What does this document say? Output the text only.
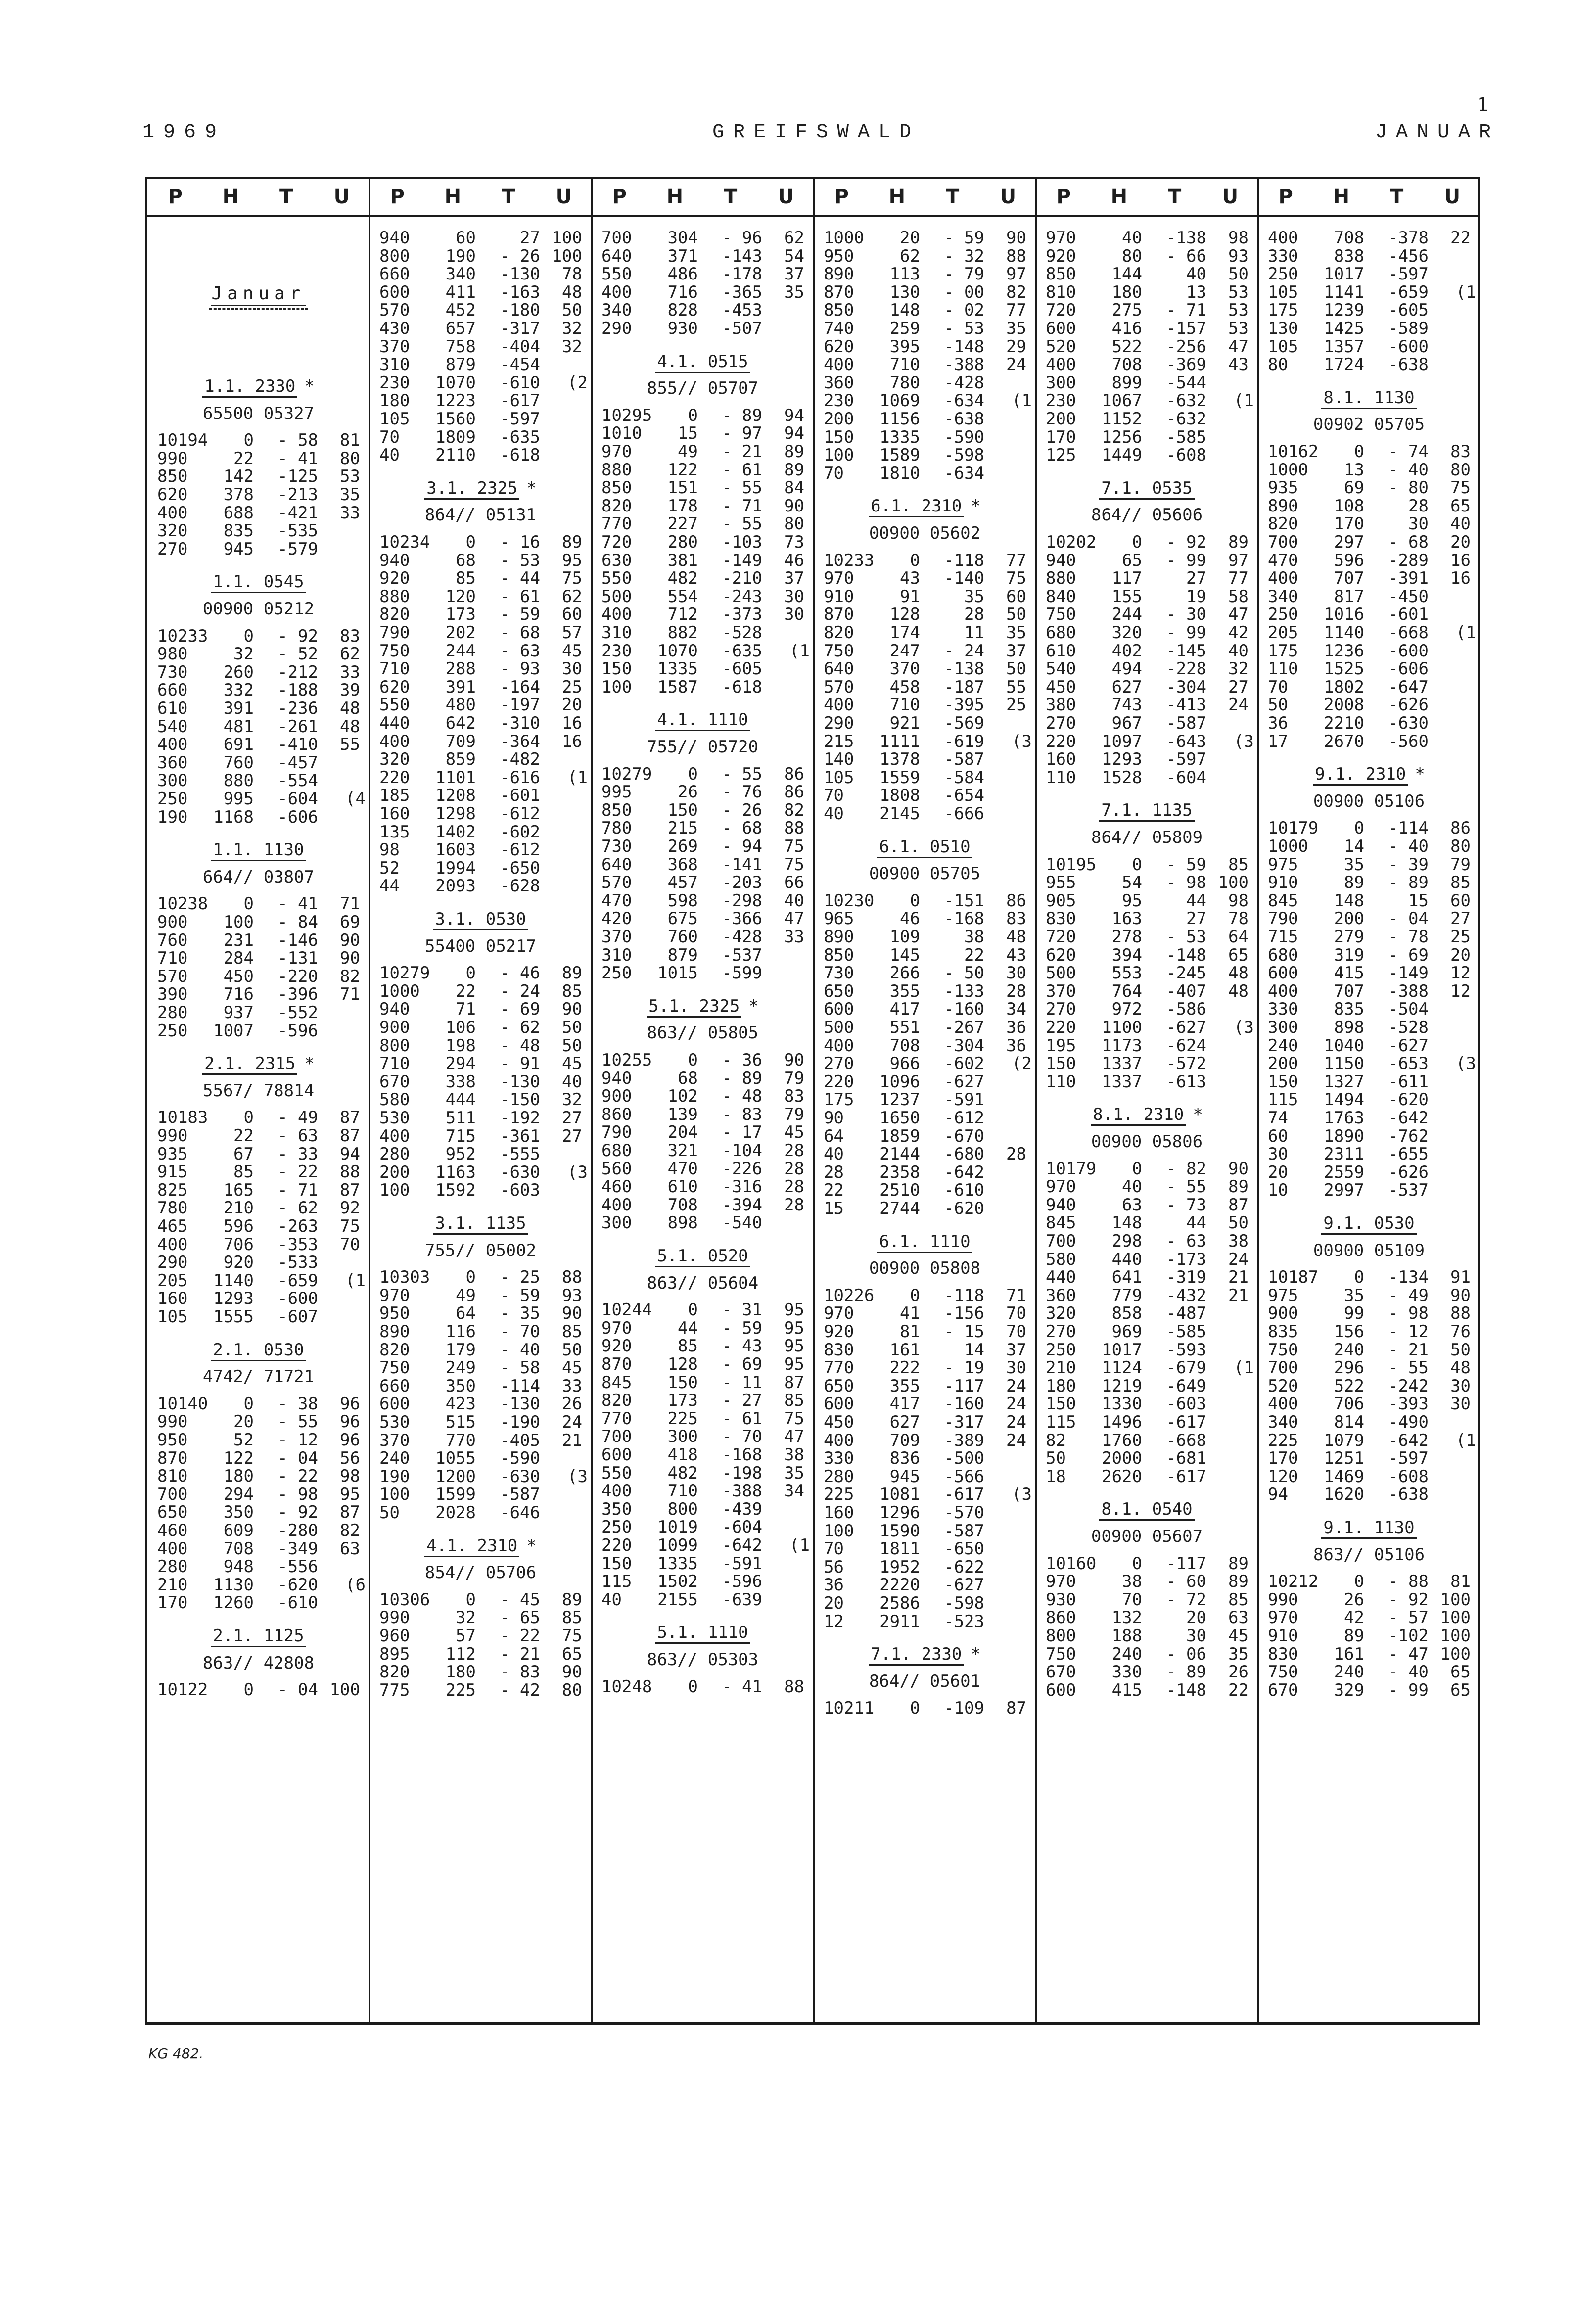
1
1969	GREIFSWALD	JANUAR
P	H	T	U	P	H	T	U	P	H	T	U	P	H	T	U	P	H	T	U	P	H	T	U
Januar
1.1. 2330 *
65500 05327
10194	0	- 58	81
990	22	- 41	80
850	142	-125	53
620	378	-213	35
400	688	-421	33
320	835	-535
270	945	-579
1.1. 0545
00900 05212
10233	0	- 92	83
980	32	- 52	62
730	260	-212	33
660	332	-188	39
610	391	-236	48
540	481	-261	48
400	691	-410	55
360	760	-457
300	880	-554
250	995	-604 (4
190	1168	-606
1.1. 1130
664// 03807
10238	0	- 41	71
900	100	- 84	69
760	231	-146	90
710	284	-131	90
570	450	-220	82
390	716	-396	71
280	937	-552
250	1007	-596
2.1. 2315 *
5567/ 78814
10183	0	- 49	87
990	22	- 63	87
935	67	- 33	94
915	85	- 22	88
825	165	- 71	87
780	210	- 62	92
465	596	-263	75
400	706	-353	70
290	920	-533
205	1140	-659 (1
160	1293	-600
105	1555	-607
2.1. 0530
4742/ 71721
10140	0	- 38	96
990	20	- 55	96
950	52	- 12	96
870	122	- 04	56
810	180	- 22	98
700	294	- 98	95
650	350	- 92	87
460	609	-280	82
400	708	-349	63
280	948	-556
210	1130	-620 (6
170	1260	-610
2.1. 1125
863// 42808
10122	0	- 04 100
940	60	27 100
800	190	- 26 100
660	340	-130	78
600	411	-163	48
570	452	-180	50
430	657	-317	32
370	758	-404	32
310	879	-454
230	1070	-610 (2
180	1223	-617
105	1560	-597
70	1809	-635
40	2110	-618
3.1. 2325 *
864// 05131
10234	0	- 16	89
940	68	- 53	95
920	85	- 44	75
880	120	- 61	62
820	173	- 59	60
790	202	- 68	57
750	244	- 63	45
710	288	- 93	30
620	391	-164	25
550	480	-197	20
440	642	-310	16
400	709	-364	16
320	859	-482
220	1101	-616 (1
185	1208	-601
160	1298	-612
135	1402	-602
98	1603	-612
52	1994	-650
44	2093	-628
3.1. 0530
55400 05217
10279	0	- 46	89
1000	22	- 24	85
940	71	- 69	90
900	106	- 62	50
800	198	- 48	50
710	294	- 91	45
670	338	-130	40
580	444	-150	32
530	511	-192	27
400	715	-361	27
280	952	-555
200	1163	-630 (3
100	1592	-603
3.1. 1135
755// 05002
10303	0	- 25	88
970	49	- 59	93
950	64	- 35	90
890	116	- 70	85
820	179	- 40	50
750	249	- 58	45
660	350	-114	33
600	423	-130	26
530	515	-190	24
370	770	-405	21
240	1055	-590
190	1200	-630 (3
100	1599	-587
50	2028	-646
4.1. 2310 *
854// 05706
10306	0	- 45	89
990	32	- 65	85
960	57	- 22	75
895	112	- 21	65
820	180	- 83	90
775	225	- 42	80
700	304	- 96	62
640	371	-143	54
550	486	-178	37
400	716	-365	35
340	828	-453
290	930	-507
4.1. 0515
855// 05707
10295	0	- 89	94
1010	15	- 97	94
970	49	- 21	89
880	122	- 61	89
850	151	- 55	84
820	178	- 71	90
770	227	- 55	80
720	280	-103	73
630	381	-149	46
550	482	-210	37
500	554	-243	30
400	712	-373	30
310	882	-528
230	1070	-635 (1
150	1335	-605
100	1587	-618
4.1. 1110
755// 05720
10279	0	- 55	86
995	26	- 76	86
850	150	- 26	82
780	215	- 68	88
730	269	- 94	75
640	368	-141	75
570	457	-203	66
470	598	-298	40
420	675	-366	47
370	760	-428	33
310	879	-537
250	1015	-599
5.1. 2325 *
863// 05805
10255	0	- 36	90
940	68	- 89	79
900	102	- 48	83
860	139	- 83	79
790	204	- 17	45
680	321	-104	28
560	470	-226	28
460	610	-316	28
400	708	-394	28
300	898	-540
5.1. 0520
863// 05604
10244	0	- 31	95
970	44	- 59	95
920	85	- 43	95
870	128	- 69	95
845	150	- 11	87
820	173	- 27	85
770	225	- 61	75
700	300	- 70	47
600	418	-168	38
550	482	-198	35
400	710	-388	34
350	800	-439
250	1019	-604
220	1099	-642 (1
150	1335	-591
115	1502	-596
40	2155	-639
5.1. 1110
863// 05303
10248	0	- 41	88
1000	20	- 59	90
950	62	- 32	88
890	113	- 79	97
870	130	- 00	82
850	148	- 02	77
740	259	- 53	35
620	395	-148	29
400	710	-388	24
360	780	-428
230	1069	-634 (1
200	1156	-638
150	1335	-590
100	1589	-598
70	1810	-634
6.1. 2310 *
00900 05602
10233	0	-118	77
970	43	-140	75
910	91	35	60
870	128	28	50
820	174	11	35
750	247	- 24	37
640	370	-138	50
570	458	-187	55
400	710	-395	25
290	921	-569
215	1111	-619 (3
140	1378	-587
105	1559	-584
70	1808	-654
40	2145	-666
6.1. 0510
00900 05705
10230	0	-151	86
965	46	-168	83
890	109	38	48
850	145	22	43
730	266	- 50	30
650	355	-133	28
600	417	-160	34
500	551	-267	36
400	708	-304	36
270	966	-602 (2
220	1096	-627
175	1237	-591
90	1650	-612
64	1859	-670
40	2144	-680	28
28	2358	-642
22	2510	-610
15	2744	-620
6.1. 1110
00900 05808
10226	0	-118	71
970	41	-156	70
920	81	- 15	70
830	161	14	37
770	222	- 19	30
650	355	-117	24
600	417	-160	24
450	627	-317	24
400	709	-389	24
330	836	-500
280	945	-566
225	1081	-617 (3
160	1296	-570
100	1590	-587
70	1811	-650
56	1952	-622
36	2220	-627
20	2586	-598
12	2911	-523
7.1. 2330 *
864// 05601
10211	0	-109	87
970	40	-138	98
920	80	- 66	93
850	144	40	50
810	180	13	53
720	275	- 71	53
600	416	-157	53
520	522	-256	47
400	708	-369	43
300	899	-544
230	1067	-632 (1
200	1152	-632
170	1256	-585
125	1449	-608
7.1. 0535
864// 05606
10202	0	- 92	89
940	65	- 99	97
880	117	27	77
840	155	19	58
750	244	- 30	47
680	320	- 99	42
610	402	-145	40
540	494	-228	32
450	627	-304	27
380	743	-413	24
270	967	-587
220	1097	-643 (3
160	1293	-597
110	1528	-604
7.1. 1135
864// 05809
10195	0	- 59	85
955	54	- 98 100
905	95	44	98
830	163	27	78
720	278	- 53	64
620	394	-148	65
500	553	-245	48
370	764	-407	48
270	972	-586
220	1100	-627 (3
195	1173	-624
150	1337	-572
110	1337	-613
8.1. 2310 *
00900 05806
10179	0	- 82	90
970	40	- 55	89
940	63	- 73	87
845	148	44	50
700	298	- 63	38
580	440	-173	24
440	641	-319	21
360	779	-432	21
320	858	-487
270	969	-585
250	1017	-593
210	1124	-679 (1
180	1219	-649
150	1330	-603
115	1496	-617
82	1760	-668
50	2000	-681
18	2620	-617
8.1. 0540
00900 05607
10160	0	-117	89
970	38	- 60	89
930	70	- 72	85
860	132	20	63
800	188	30	45
750	240	- 06	35
670	330	- 89	26
600	415	-148	22
400	708	-378	22
330	838	-456
250	1017	-597
105	1141	-659 (1
175	1239	-605
130	1425	-589
105	1357	-600
80	1724	-638
8.1. 1130
00902 05705
10162	0	- 74	83
1000	13	- 40	80
935	69	- 80	75
890	108	28	65
820	170	30	40
700	297	- 68	20
470	596	-289	16
400	707	-391	16
340	817	-450
250	1016	-601
205	1140	-668 (1
175	1236	-600
110	1525	-606
70	1802	-647
50	2008	-626
36	2210	-630
17	2670	-560
9.1. 2310 *
00900 05106
10179	0	-114	86
1000	14	- 40	80
975	35	- 39	79
910	89	- 89	85
845	148	15	60
790	200	- 04	27
715	279	- 78	25
680	319	- 69	20
600	415	-149	12
400	707	-388	12
330	835	-504
300	898	-528
240	1040	-627
200	1150	-653 (3
150	1327	-611
115	1494	-620
74	1763	-642
60	1890	-762
30	2311	-655
20	2559	-626
10	2997	-537
9.1. 0530
00900 05109
10187	0	-134	91
975	35	- 49	90
900	99	- 98	88
835	156	- 12	76
750	240	- 21	50
700	296	- 55	48
520	522	-242	30
400	706	-393	30
340	814	-490
225	1079	-642 (1
170	1251	-597
120	1469	-608
94	1620	-638
9.1. 1130
863// 05106
10212	0	- 88	81
990	26	- 92 100
970	42	- 57 100
910	89	-102 100
830	161	- 47 100
750	240	- 40	65
670	329	- 99	65
KG 482.
